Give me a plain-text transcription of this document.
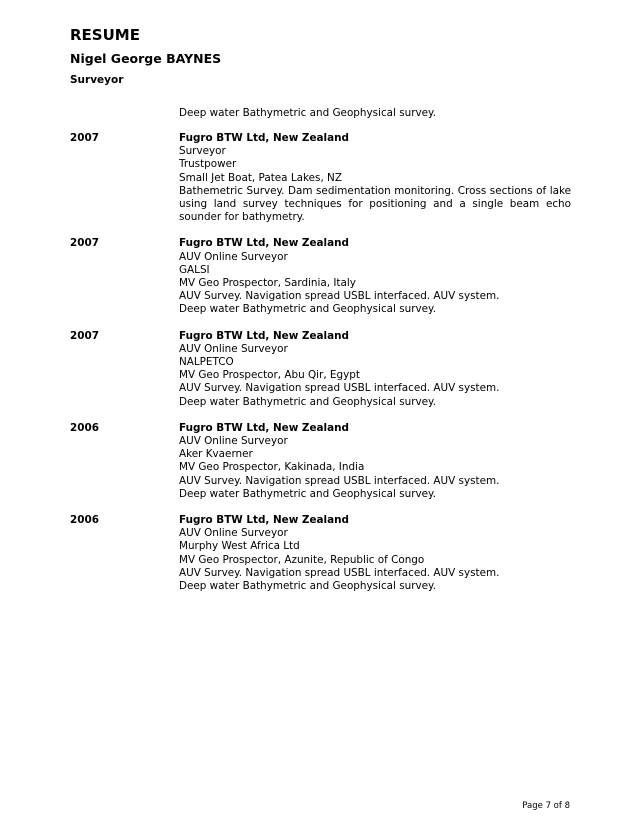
RESUME
Nigel George BAYNES
Surveyor
Deep water Bathymetric and Geophysical survey.
2007	Fugro BTW Ltd, New Zealand
Surveyor
Trustpower
Small Jet Boat, Patea Lakes, NZ
Bathemetric Survey. Dam sedimentation monitoring. Cross sections of lake using land survey techniques for positioning and a single beam echo sounder for bathymetry.
2007	Fugro BTW Ltd, New Zealand
AUV Online Surveyor
GALSI
MV Geo Prospector, Sardinia, Italy
AUV Survey. Navigation spread USBL interfaced. AUV system.
Deep water Bathymetric and Geophysical survey.
2007	Fugro BTW Ltd, New Zealand
AUV Online Surveyor
NALPETCO
MV Geo Prospector, Abu Qir, Egypt
AUV Survey. Navigation spread USBL interfaced. AUV system.
Deep water Bathymetric and Geophysical survey.
2006	Fugro BTW Ltd, New Zealand
AUV Online Surveyor
Aker Kvaerner
MV Geo Prospector, Kakinada, India
AUV Survey. Navigation spread USBL interfaced. AUV system.
Deep water Bathymetric and Geophysical survey.
2006	Fugro BTW Ltd, New Zealand
AUV Online Surveyor
Murphy West Africa Ltd
MV Geo Prospector, Azunite, Republic of Congo
AUV Survey. Navigation spread USBL interfaced. AUV system.
Deep water Bathymetric and Geophysical survey.
Page 7 of 8
